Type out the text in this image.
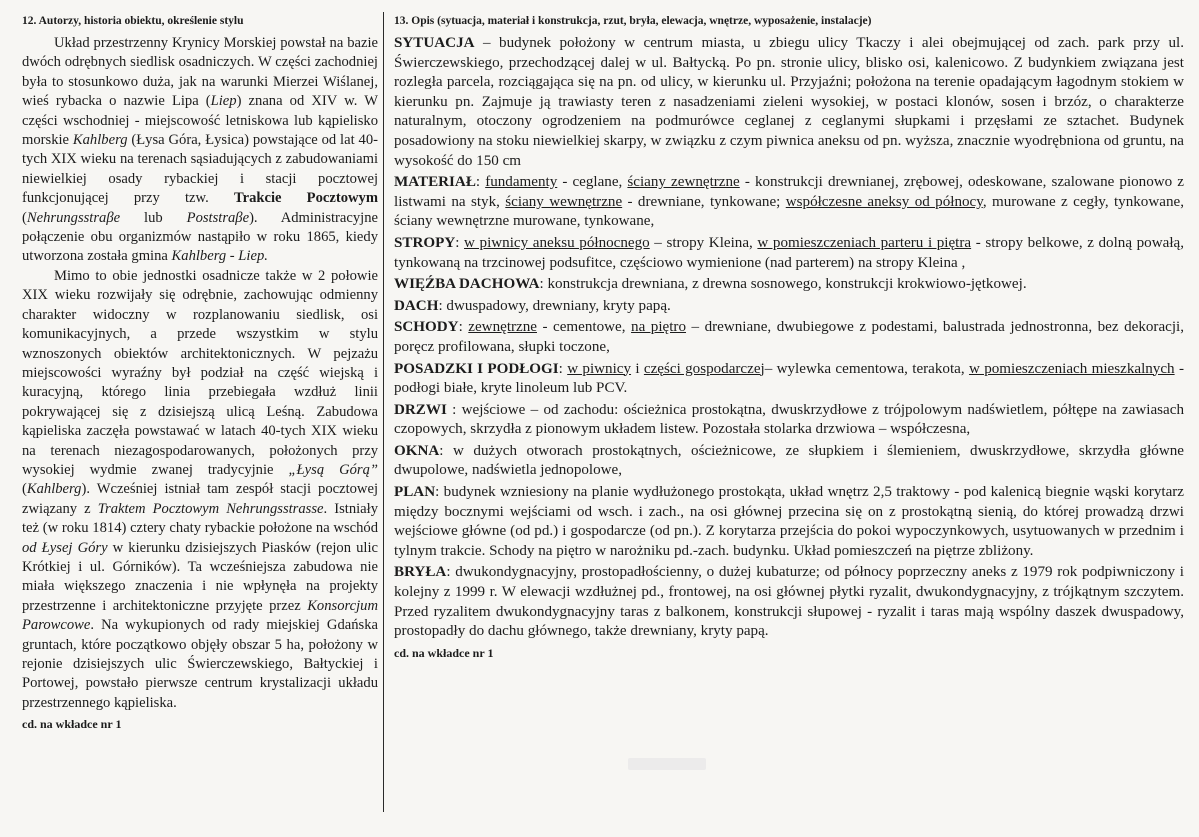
12. Autorzy, historia obiektu, określenie stylu

Układ przestrzenny Krynicy Morskiej powstał na bazie dwóch odrębnych siedlisk osadniczych. W części zachodniej była to stosunkowo duża, jak na warunki Mierzei Wiślanej, wieś rybacka o nazwie Lipa (Liep) znana od XIV w. W części wschodniej - miejscowość letniskowa lub kąpielisko morskie Kahlberg (Łysa Góra, Łysica) powstające od lat 40-tych XIX wieku na terenach sąsiadujących z zabudowaniami niewielkiej osady rybackiej i stacji pocztowej funkcjonującej przy tzw. Trakcie Pocztowym (Nehrungsstraβe lub Poststraβe). Administracyjne połączenie obu organizmów nastąpiło w roku 1865, kiedy utworzona została gmina Kahlberg - Liep.

Mimo to obie jednostki osadnicze także w 2 połowie XIX wieku rozwijały się odrębnie, zachowując odmienny charakter widoczny w rozplanowaniu siedlisk, osi komunikacyjnych, a przede wszystkim w stylu wznoszonych obiektów architektonicznych. W pejzażu miejscowości wyraźny był podział na część wiejską i kuracyjną, którego linia przebiegała wzdłuż linii pokrywającej się z dzisiejszą ulicą Leśną. Zabudowa kąpieliska zaczęła powstawać w latach 40-tych XIX wieku na terenach niezagospodarowanych, położonych przy wysokiej wydmie zwanej tradycyjnie „Łysą Górą” (Kahlberg). Wcześniej istniał tam zespół stacji pocztowej związany z Traktem Pocztowym Nehrungsstrasse. Istniały też (w roku 1814) cztery chaty rybackie położone na wschód od Łysej Góry w kierunku dzisiejszych Piasków (rejon ulic Krótkiej i ul. Górników). Ta wcześniejsza zabudowa nie miała większego znaczenia i nie wpłynęła na projekty przestrzenne i architektoniczne przyjęte przez Konsorcjum Parowcowe. Na wykupionych od rady miejskiej Gdańska gruntach, które początkowo objęły obszar 5 ha, położony w rejonie dzisiejszych ulic Świerczewskiego, Bałtyckiej i Portowej, powstało pierwsze centrum krystalizacji układu przestrzennego kąpieliska.

cd. na wkładce nr 1

13. Opis (sytuacja, materiał i konstrukcja, rzut, bryła, elewacja, wnętrze, wyposażenie, instalacje)

SYTUACJA – budynek położony w centrum miasta, u zbiegu ulicy Tkaczy i alei obejmującej od zach. park przy ul. Świerczewskiego, przechodzącej dalej w ul. Bałtycką. Po pn. stronie ulicy, blisko osi, kalenicowo. Z budynkiem związana jest rozległa parcela, rozciągająca się na pn. od ulicy, w kierunku ul. Przyjaźni; położona na terenie opadającym łagodnym stokiem w kierunku pn. Zajmuje ją trawiasty teren z nasadzeniami zieleni wysokiej, w postaci klonów, sosen i brzóz, o charakterze naturalnym, otoczony ogrodzeniem na podmurówce ceglanej z ceglanymi słupkami i przęsłami ze sztachet. Budynek posadowiony na stoku niewielkiej skarpy, w związku z czym piwnica aneksu od pn. wyższa, znacznie wyodrębniona od gruntu, na wysokość do 150 cm

MATERIAŁ: fundamenty - ceglane, ściany zewnętrzne - konstrukcji drewnianej, zrębowej, odeskowane, szalowane pionowo z listwami na styk, ściany wewnętrzne - drewniane, tynkowane; współczesne aneksy od północy, murowane z cegły, tynkowane, ściany wewnętrzne murowane, tynkowane,

STROPY: w piwnicy aneksu północnego – stropy Kleina, w pomieszczeniach parteru i piętra - stropy belkowe, z dolną powałą, tynkowaną na trzcinowej podsufitce, częściowo wymienione (nad parterem) na stropy Kleina ,

WIĘŹBA DACHOWA: konstrukcja drewniana, z drewna sosnowego, konstrukcji krokwiowo-jętkowej.

DACH: dwuspadowy, drewniany, kryty papą.

SCHODY: zewnętrzne - cementowe, na piętro – drewniane, dwubiegowe z podestami, balustrada jednostronna, bez dekoracji, poręcz profilowana, słupki toczone,

POSADZKI I PODŁOGI: w piwnicy i części gospodarczej– wylewka cementowa, terakota, w pomieszczeniach mieszkalnych - podłogi białe, kryte linoleum lub PCV.

DRZWI : wejściowe – od zachodu: ościeżnica prostokątna, dwuskrzydłowe z trójpolowym nadświetlem, półtępe na zawiasach czopowych, skrzydła z pionowym układem listew. Pozostała stolarka drzwiowa – współczesna,

OKNA: w dużych otworach prostokątnych, ościeżnicowe, ze słupkiem i ślemieniem, dwuskrzydłowe, skrzydła główne dwupolowe, nadświetla jednopolowe,

PLAN: budynek wzniesiony na planie wydłużonego prostokąta, układ wnętrz 2,5 traktowy - pod kalenicą biegnie wąski korytarz między bocznymi wejściami od wsch. i zach., na osi głównej przecina się on z prostokątną sienią, do której prowadzą drzwi wejściowe główne (od pd.) i gospodarcze (od pn.). Z korytarza przejścia do pokoi wypoczynkowych, usytuowanych w przednim i tylnym trakcie. Schody na piętro w narożniku pd.-zach. budynku. Układ pomieszczeń na piętrze zbliżony.

BRYŁA: dwukondygnacyjny, prostopadłościenny, o dużej kubaturze; od północy poprzeczny aneks z 1979 rok podpiwniczony i kolejny z 1999 r. W elewacji wzdłużnej pd., frontowej, na osi głównej płytki ryzalit, dwukondygnacyjny, z trójkątnym szczytem. Przed ryzalitem dwukondygnacyjny taras z balkonem, konstrukcji słupowej - ryzalit i taras mają wspólny daszek dwuspadowy, prostopadły do dachu głównego, także drewniany, kryty papą.

cd. na wkładce nr 1
